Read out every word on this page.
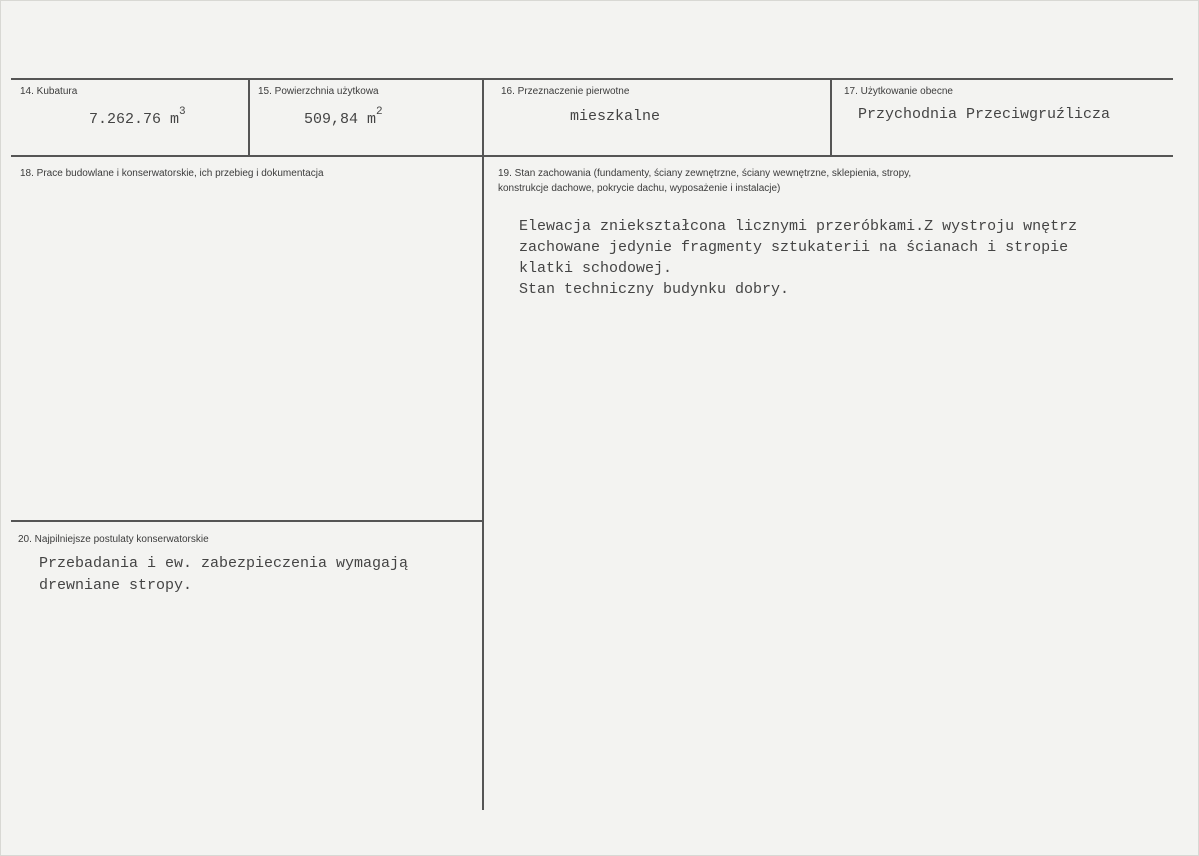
14. Kubatura
7.262.76 $m^3$
15. Powierzchnia użytkowa
509,84 $m^2$
16. Przeznaczenie pierwotne
mieszkalne
17. Użytkowanie obecne
Przychodnia Przeciwgruźlicza
18. Prace budowlane i konserwatorskie, ich przebieg i dokumentacja	19. Stan zachowania (fundamenty, ściany zewnętrzne, ściany wewnętrzne, sklepienia, stropy,
konstrukcje dachowe, pokrycie dachu, wyposażenie i instalacje)
Elewacja zniekształcona licznymi przeróbkami.Z wystroju wnętrz
zachowane jedynie fragmenty sztukaterii na ścianach i stropie
klatki schodowej.
Stan techniczny budynku dobry.
20. Najpilniejsze postulaty konserwatorskie
Przebadania i ew. zabezpieczenia wymagają
drewniane stropy.
